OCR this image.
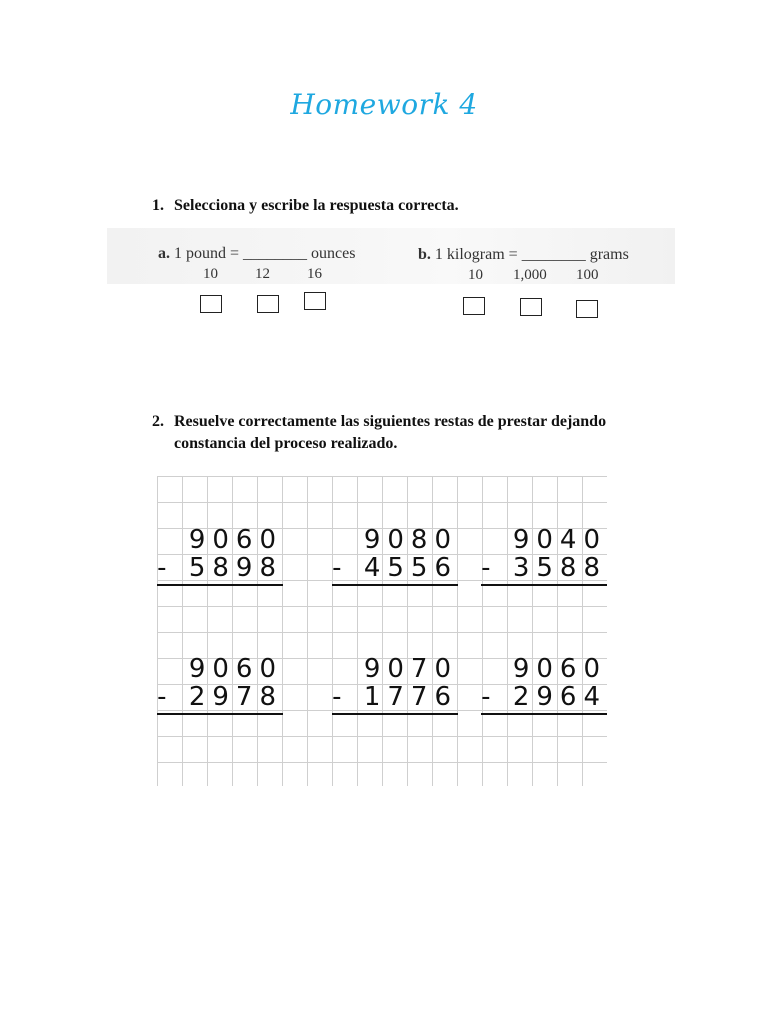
Homework 4
1. Selecciona y escribe la respuesta correcta.
a. 1 pound = ________ ounces
10 12 16
b. 1 kilogram = ________ grams
10 1,000 100
2. Resuelve correctamente las siguientes restas de prestar dejando
constancia del proceso realizado.
9060
- 5898
9080
- 4556
9040
- 3588
9060
- 2978
9070
- 1776
9060
- 2964
